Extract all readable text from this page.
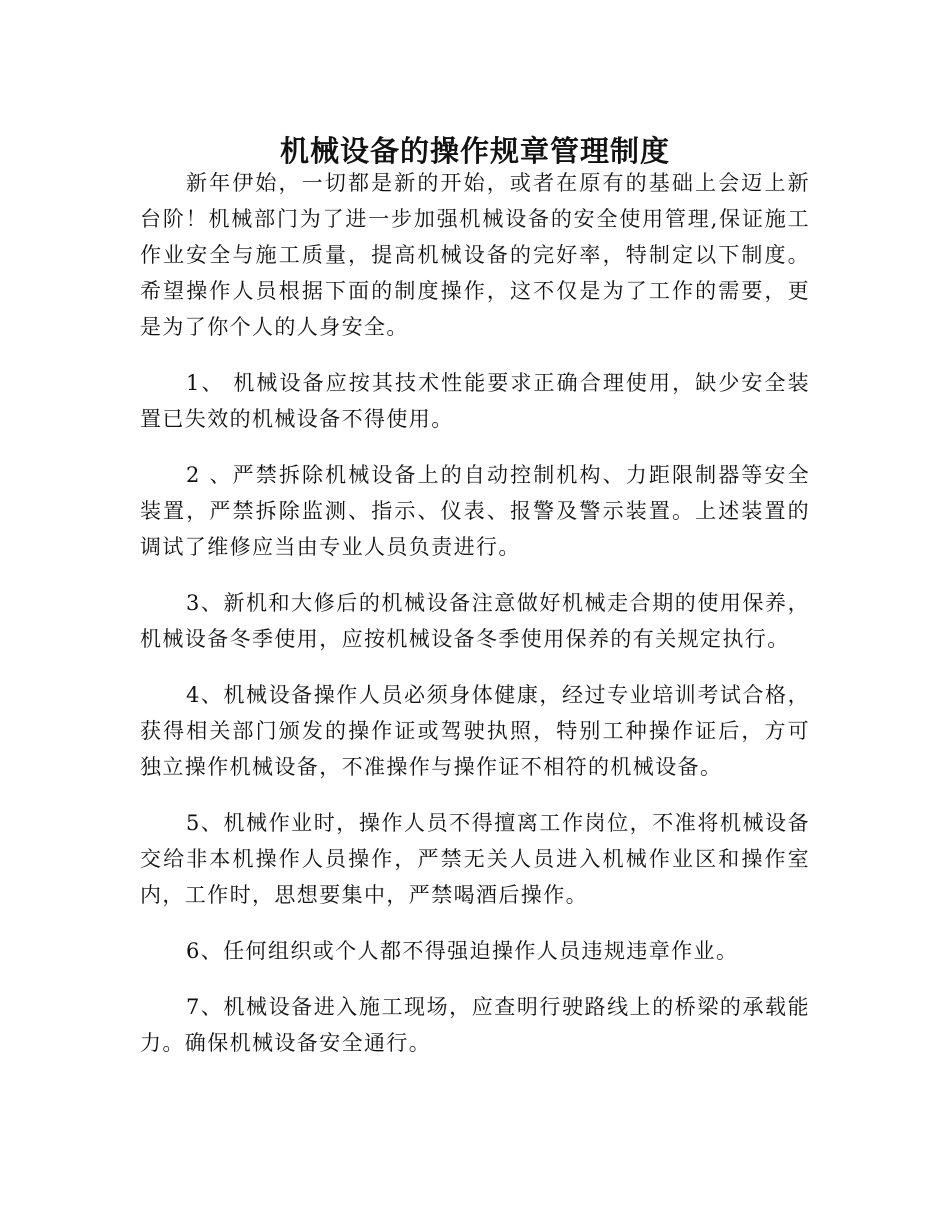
机械设备的操作规章管理制度

新年伊始，一切都是新的开始，或者在原有的基础上会迈上新台阶！机械部门为了进一步加强机械设备的安全使用管理,保证施工作业安全与施工质量，提高机械设备的完好率，特制定以下制度。希望操作人员根据下面的制度操作，这不仅是为了工作的需要，更是为了你个人的人身安全。

1、 机械设备应按其技术性能要求正确合理使用，缺少安全装置已失效的机械设备不得使用。

2 、严禁拆除机械设备上的自动控制机构、力距限制器等安全装置，严禁拆除监测、指示、仪表、报警及警示装置。上述装置的调试了维修应当由专业人员负责进行。

3、新机和大修后的机械设备注意做好机械走合期的使用保养，机械设备冬季使用，应按机械设备冬季使用保养的有关规定执行。

4、机械设备操作人员必须身体健康，经过专业培训考试合格，获得相关部门颁发的操作证或驾驶执照，特别工种操作证后，方可独立操作机械设备，不准操作与操作证不相符的机械设备。

5、机械作业时，操作人员不得擅离工作岗位，不准将机械设备交给非本机操作人员操作，严禁无关人员进入机械作业区和操作室内，工作时，思想要集中，严禁喝酒后操作。

6、任何组织或个人都不得强迫操作人员违规违章作业。

7、机械设备进入施工现场，应查明行驶路线上的桥梁的承载能力。确保机械设备安全通行。
